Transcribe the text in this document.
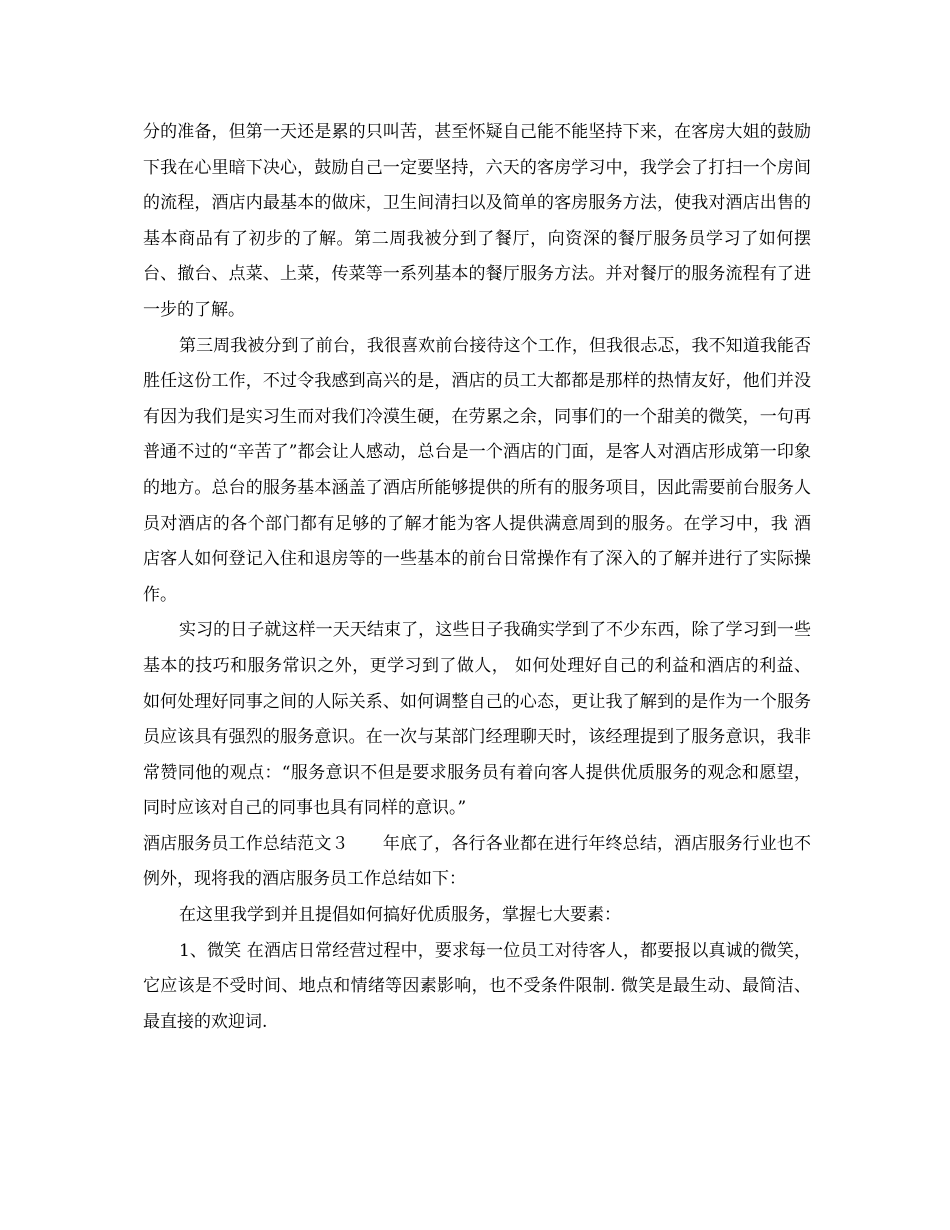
分的准备，但第一天还是累的只叫苦，甚至怀疑自己能不能坚持下来，在客房大姐的鼓励下我在心里暗下决心，鼓励自己一定要坚持，六天的客房学习中，我学会了打扫一个房间的流程，酒店内最基本的做床，卫生间清扫以及简单的客房服务方法，使我对酒店出售的基本商品有了初步的了解。第二周我被分到了餐厅，向资深的餐厅服务员学习了如何摆台、撤台、点菜、上菜，传菜等一系列基本的餐厅服务方法。并对餐厅的服务流程有了进一步的了解。

第三周我被分到了前台，我很喜欢前台接待这个工作，但我很忐忑，我不知道我能否 胜任这份工作，不过令我感到高兴的是，酒店的员工大都都是那样的热情友好，他们并没有因为我们是实习生而对我们冷漠生硬，在劳累之余，同事们的一个甜美的微笑，一句再普通不过的“辛苦了”都会让人感动，总台是一个酒店的门面，是客人对酒店形成第一印象的地方。总台的服务基本涵盖了酒店所能够提供的所有的服务项目，因此需要前台服务人员对酒店的各个部门都有足够的了解才能为客人提供满意周到的服务。在学习中，我 酒店客人如何登记入住和退房等的一些基本的前台日常操作有了深入的了解并进行了实际操作。

实习的日子就这样一天天结束了，这些日子我确实学到了不少东西，除了学习到一些基本的技巧和服务常识之外，更学习到了做人， 如何处理好自己的利益和酒店的利益、如何处理好同事之间的人际关系、如何调整自己的心态，更让我了解到的是作为一个服务员应该具有强烈的服务意识。在一次与某部门经理聊天时，该经理提到了服务意识，我非常赞同他的观点：“服务意识不但是要求服务员有着向客人提供优质服务的观念和愿望，同时应该对自己的同事也具有同样的意识。”

酒店服务员工作总结范文３　　年底了，各行各业都在进行年终总结，酒店服务行业也不例外，现将我的酒店服务员工作总结如下：

在这里我学到并且提倡如何搞好优质服务，掌握七大要素：

1、微笑 在酒店日常经营过程中，要求每一位员工对待客人，都要报以真诚的微笑，它应该是不受时间、地点和情绪等因素影响，也不受条件限制. 微笑是最生动、最简洁、最直接的欢迎词.
